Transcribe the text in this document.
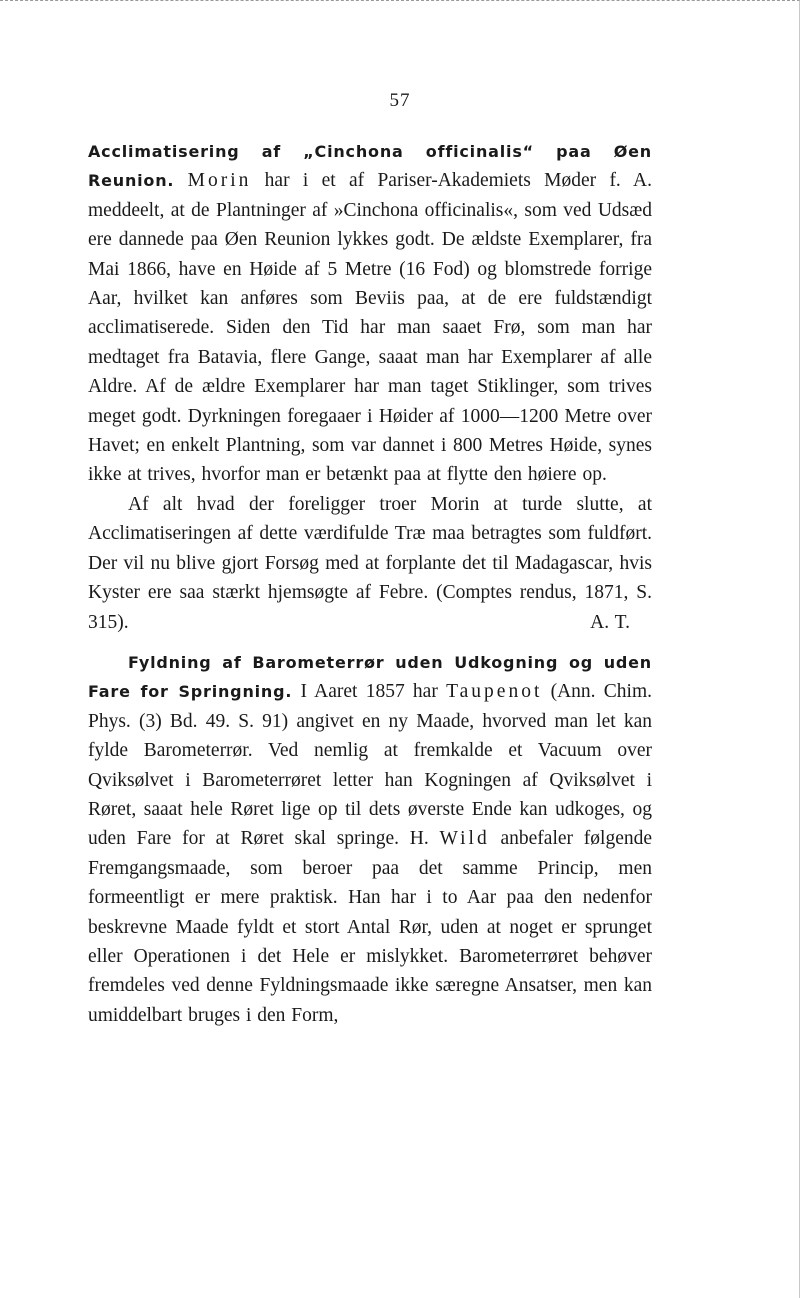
57

Acclimatisering af „Cinchona officinalis“ paa Øen Reunion. Morin har i et af Pariser-Akademiets Møder f. A. meddeelt, at de Plantninger af »Cinchona officinalis«, som ved Udsæd ere dannede paa Øen Reunion lykkes godt. De ældste Exemplarer, fra Mai 1866, have en Høide af 5 Metre (16 Fod) og blomstrede forrige Aar, hvilket kan anføres som Beviis paa, at de ere fuldstændigt acclimatiserede. Siden den Tid har man saaet Frø, som man har medtaget fra Batavia, flere Gange, saaat man har Exemplarer af alle Aldre. Af de ældre Exemplarer har man taget Stiklinger, som trives meget godt. Dyrkningen foregaaer i Høider af 1000—1200 Metre over Havet; en enkelt Plantning, som var dannet i 800 Metres Høide, synes ikke at trives, hvorfor man er betænkt paa at flytte den høiere op.

Af alt hvad der foreligger troer Morin at turde slutte, at Acclimatiseringen af dette værdifulde Træ maa betragtes som fuldført. Der vil nu blive gjort Forsøg med at forplante det til Madagascar, hvis Kyster ere saa stærkt hjemsøgte af Febre. (Comptes rendus, 1871, S. 315).	A. T.

Fyldning af Barometerrør uden Udkogning og uden Fare for Springning. I Aaret 1857 har Taupenot (Ann. Chim. Phys. (3) Bd. 49. S. 91) angivet en ny Maade, hvorved man let kan fylde Barometerrør. Ved nemlig at fremkalde et Vacuum over Qviksølvet i Barometerrøret letter han Kogningen af Qviksølvet i Røret, saaat hele Røret lige op til dets øverste Ende kan udkoges, og uden Fare for at Røret skal springe. H. Wild anbefaler følgende Fremgangsmaade, som beroer paa det samme Princip, men formeentligt er mere praktisk. Han har i to Aar paa den nedenfor beskrevne Maade fyldt et stort Antal Rør, uden at noget er sprunget eller Operationen i det Hele er mislykket. Barometerrøret behøver fremdeles ved denne Fyldningsmaade ikke særegne Ansatser, men kan umiddelbart bruges i den Form,
